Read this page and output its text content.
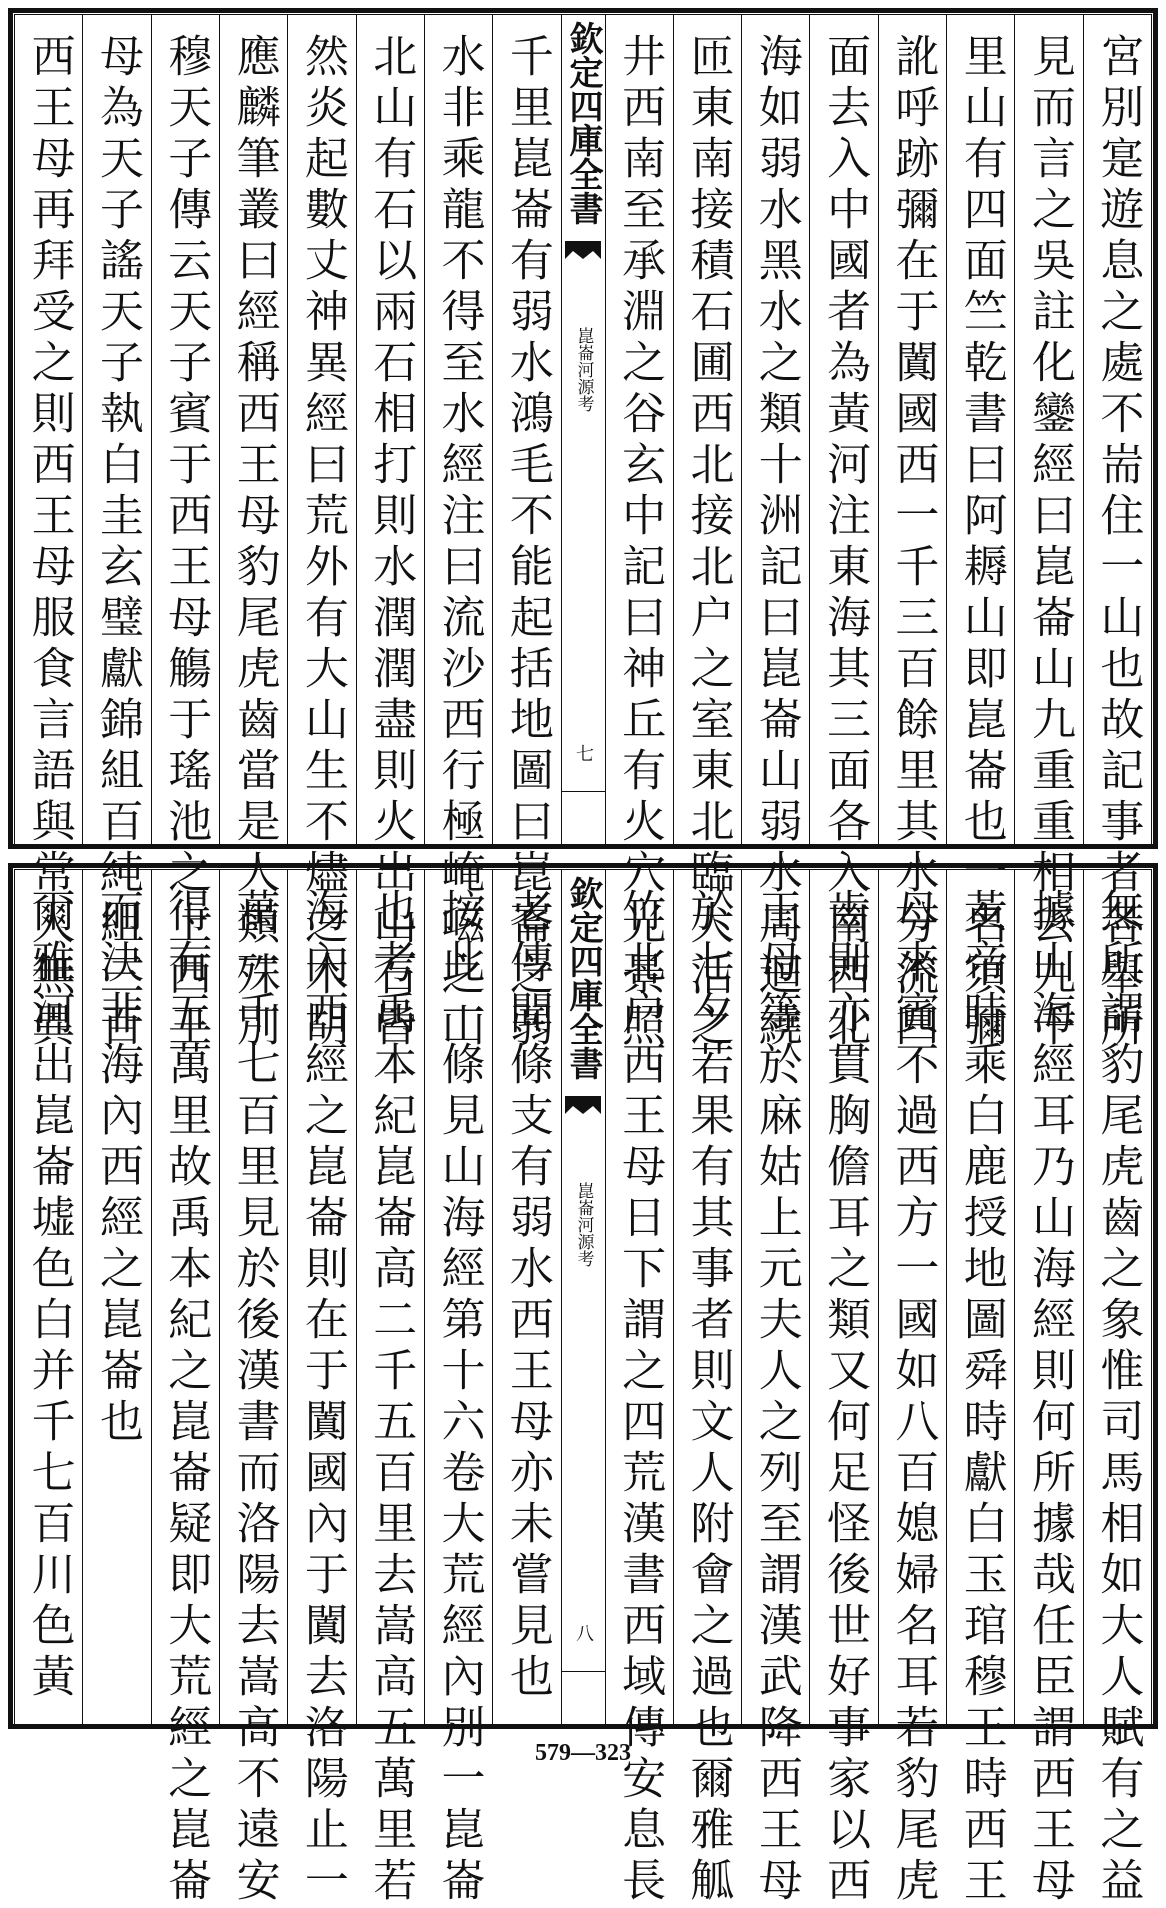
宮別寔遊息之處不耑住一山也故記事者各舉所
見而言之吳註化鑾經曰崑崙山九重重相去九千
里山有四面竺乾書曰阿耨山即崑崙也一名須彌
訛呼跡彌在于闐國西一千三百餘里其水分流四
面去入中國者為黃河注東海其三面各入南西北
海如弱水黑水之類十洲記曰崑崙山弱水周迴繞
匝東南接積石圃西北接北户之室東北臨大活之
井西南至承淵之谷玄中記曰神丘有火穴光景照
欽定四庫全書
崑崙河源考
七
千里崑崙有弱水鴻毛不能起括地圖曰崑崙之弱
水非乘龍不得至水經注曰流沙西行極崦嵫之山
北山有石以兩石相打則水潤潤盡則火出山石皆
然炎起數丈神異經曰荒外有大山生不燼之木胡
應麟筆叢曰經稱西王母豹尾虎齒當是人類殊別
穆天子傳云天子賓于西王母觴于瑤池之上西王
母為天子謠天子執白圭玄璧獻錦組百純組三百
西王母再拜受之則西王母服食言語與常人無異
無所謂豹尾虎齒之象惟司馬相如大人賦有之益
據山海經耳乃山海經則何所據哉任臣謂西王母
黃帝時乘白鹿授地圖舜時獻白玉琯穆王時西王
母來賓不過西方一國如八百媳婦名耳若豹尾虎
齒則亦貫胸儋耳之類又何足怪後世好事家以西
王母等於麻姑上元夫人之列至謂漢武降西王母
於七夕若果有其事者則文人附會之過也爾雅觚
竹北户西王母日下謂之四荒漢書西域傳安息長
欽定四庫全書
崑崙河源考
八
老傳聞條支有弱水西王母亦未嘗見也
按此一條見山海經第十六卷大荒經內別一崑崙
也考禹本紀崑崙高二千五百里去嵩高五萬里若
海內西經之崑崙則在于闐國內于闐去洛陽止一
萬一千七百里見於後漢書而洛陽去嵩高不遠安
得有五萬里故禹本紀之崑崙疑即大荒經之崑崙
而決非海內西經之崑崙也
爾雅河出崑崙墟色白并千七百川色黃
579—323
